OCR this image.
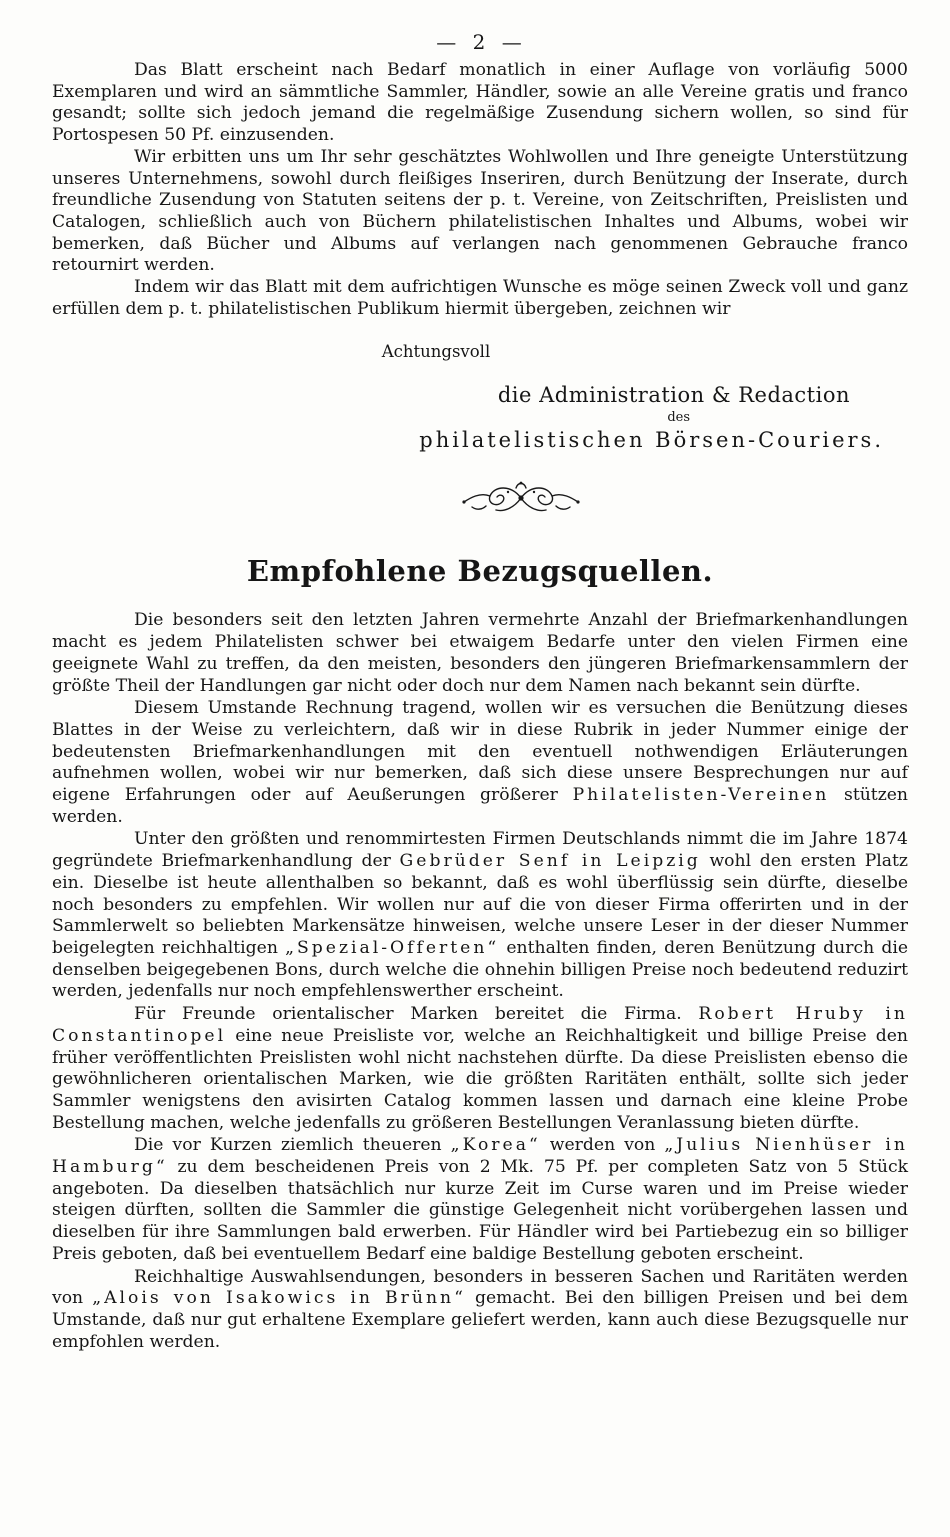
— 2 —

Das Blatt erscheint nach Bedarf monatlich in einer Auflage von vorläufig 5000 Exemplaren und wird an sämmtliche Sammler, Händler, sowie an alle Vereine gratis und franco gesandt; sollte sich jedoch jemand die regelmäßige Zusendung sichern wollen, so sind für Portospesen 50 Pf. einzusenden.

Wir erbitten uns um Ihr sehr geschätztes Wohlwollen und Ihre geneigte Unterstützung unseres Unternehmens, sowohl durch fleißiges Inseriren, durch Benützung der Inserate, durch freundliche Zusendung von Statuten seitens der p. t. Vereine, von Zeitschriften, Preislisten und Catalogen, schließlich auch von Büchern philatelistischen Inhaltes und Albums, wobei wir bemerken, daß Bücher und Albums auf verlangen nach genommenen Gebrauche franco retournirt werden.

Indem wir das Blatt mit dem aufrichtigen Wunsche es möge seinen Zweck voll und ganz erfüllen dem p. t. philatelistischen Publikum hiermit übergeben, zeichnen wir

Achtungsvoll

die Administration & Redaction

des

philatelistischen Börsen-Couriers.

Empfohlene Bezugsquellen.

Die besonders seit den letzten Jahren vermehrte Anzahl der Briefmarkenhandlungen macht es jedem Philatelisten schwer bei etwaigem Bedarfe unter den vielen Firmen eine geeignete Wahl zu treffen, da den meisten, besonders den jüngeren Briefmarkensammlern der größte Theil der Handlungen gar nicht oder doch nur dem Namen nach bekannt sein dürfte.

Diesem Umstande Rechnung tragend, wollen wir es versuchen die Benützung dieses Blattes in der Weise zu verleichtern, daß wir in diese Rubrik in jeder Nummer einige der bedeutensten Briefmarkenhandlungen mit den eventuell nothwendigen Erläuterungen aufnehmen wollen, wobei wir nur bemerken, daß sich diese unsere Besprechungen nur auf eigene Erfahrungen oder auf Aeußerungen größerer Philatelisten-Vereinen stützen werden.

Unter den größten und renommirtesten Firmen Deutschlands nimmt die im Jahre 1874 gegründete Briefmarkenhandlung der Gebrüder Senf in Leipzig wohl den ersten Platz ein. Dieselbe ist heute allenthalben so bekannt, daß es wohl überflüssig sein dürfte, dieselbe noch besonders zu empfehlen. Wir wollen nur auf die von dieser Firma offerirten und in der Sammlerwelt so beliebten Markensätze hinweisen, welche unsere Leser in der dieser Nummer beigelegten reichhaltigen „Spezial-Offerten“ enthalten finden, deren Benützung durch die denselben beigegebenen Bons, durch welche die ohnehin billigen Preise noch bedeutend reduzirt werden, jedenfalls nur noch empfehlenswerther erscheint.

Für Freunde orientalischer Marken bereitet die Firma. Robert Hruby in Constantinopel eine neue Preisliste vor, welche an Reichhaltigkeit und billige Preise den früher veröffentlichten Preislisten wohl nicht nachstehen dürfte. Da diese Preislisten ebenso die gewöhnlicheren orientalischen Marken, wie die größten Raritäten enthält, sollte sich jeder Sammler wenigstens den avisirten Catalog kommen lassen und darnach eine kleine Probe Bestellung machen, welche jedenfalls zu größeren Bestellungen Veranlassung bieten dürfte.

Die vor Kurzen ziemlich theueren „Korea“ werden von „Julius Nienhüser in Hamburg“ zu dem bescheidenen Preis von 2 Mk. 75 Pf. per completen Satz von 5 Stück angeboten. Da dieselben thatsächlich nur kurze Zeit im Curse waren und im Preise wieder steigen dürften, sollten die Sammler die günstige Gelegenheit nicht vorübergehen lassen und dieselben für ihre Sammlungen bald erwerben. Für Händler wird bei Partiebezug ein so billiger Preis geboten, daß bei eventuellem Bedarf eine baldige Bestellung geboten erscheint.

Reichhaltige Auswahlsendungen, besonders in besseren Sachen und Raritäten werden von „Alois von Isakowics in Brünn“ gemacht. Bei den billigen Preisen und bei dem Umstande, daß nur gut erhaltene Exemplare geliefert werden, kann auch diese Bezugsquelle nur empfohlen werden.
